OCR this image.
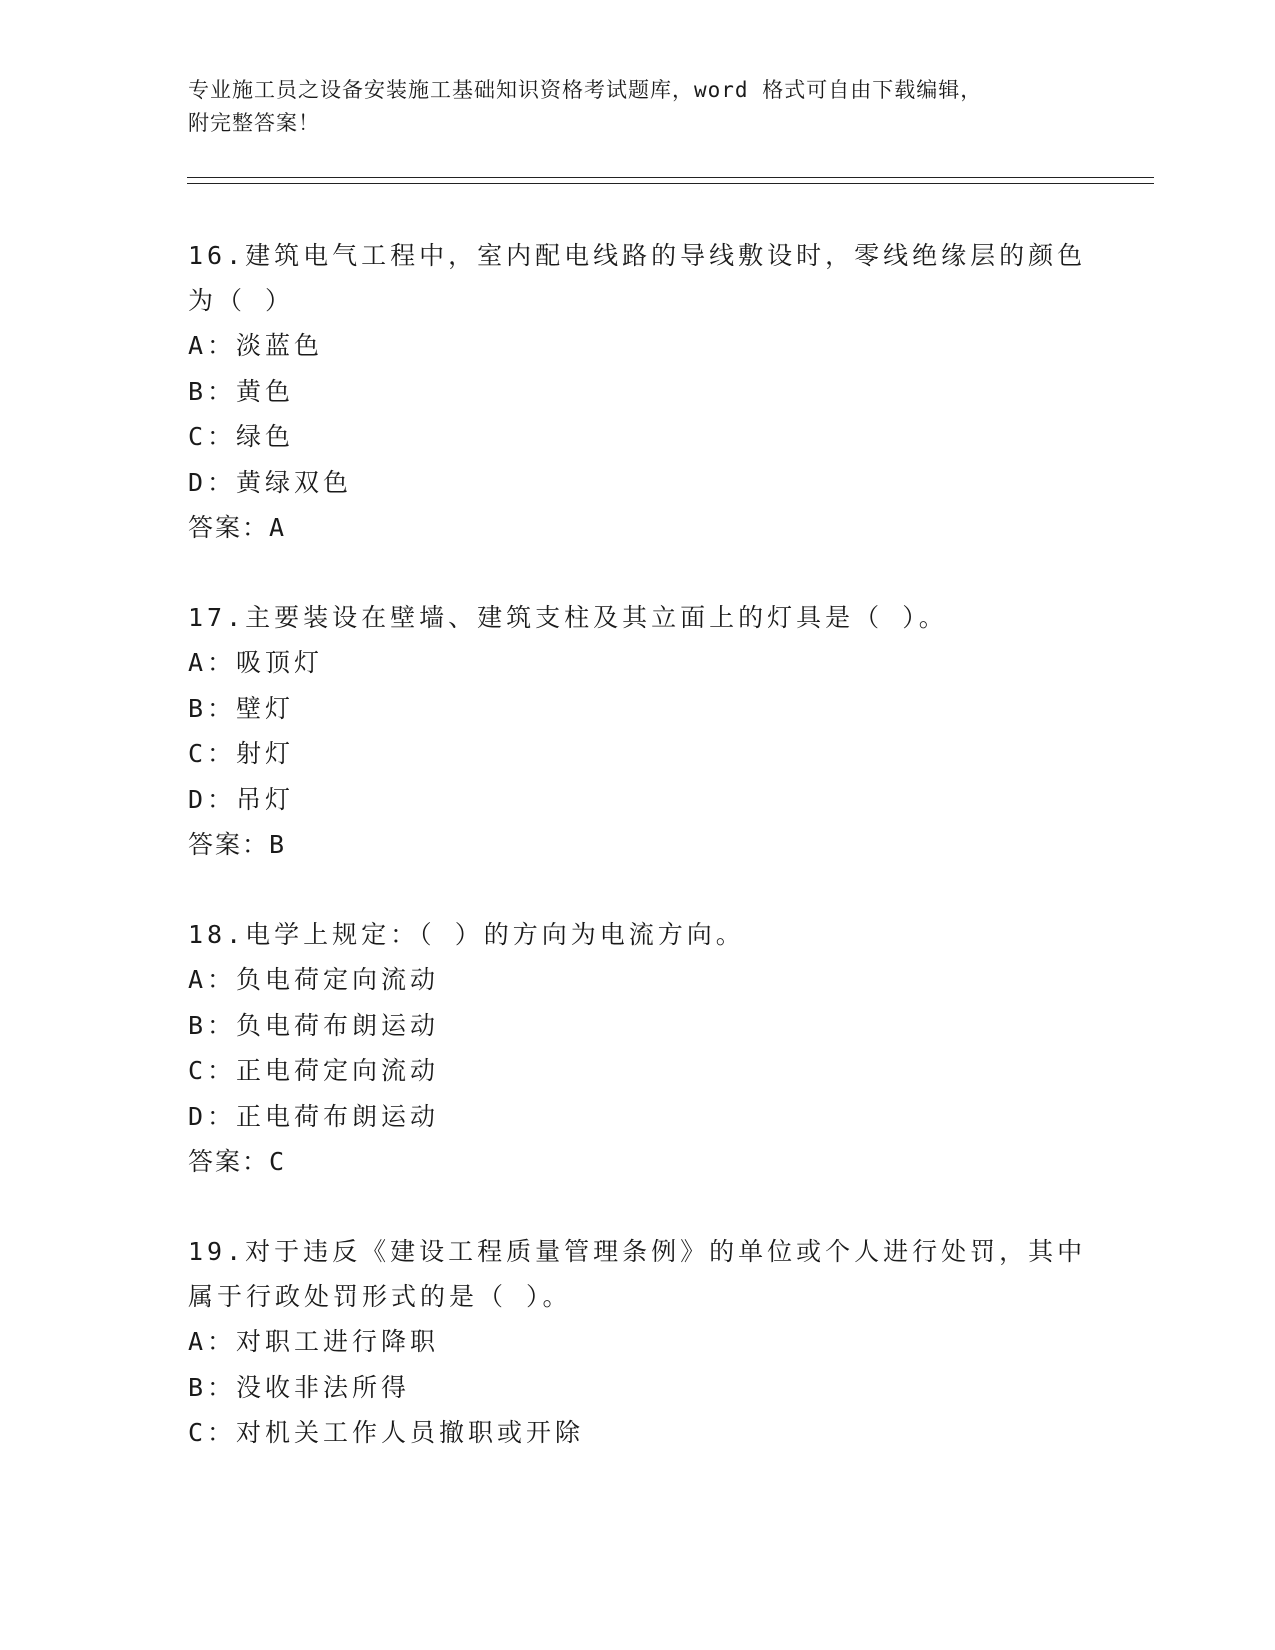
专业施工员之设备安装施工基础知识资格考试题库，word 格式可自由下载编辑，
附完整答案！
16.建筑电气工程中，室内配电线路的导线敷设时，零线绝缘层的颜色
为（ ）
A：淡蓝色
B：黄色
C：绿色
D：黄绿双色
答案：A
17.主要装设在壁墙、建筑支柱及其立面上的灯具是（ ）。
A：吸顶灯
B：壁灯
C：射灯
D：吊灯
答案：B
18.电学上规定：（ ）的方向为电流方向。
A：负电荷定向流动
B：负电荷布朗运动
C：正电荷定向流动
D：正电荷布朗运动
答案：C
19.对于违反《建设工程质量管理条例》的单位或个人进行处罚，其中
属于行政处罚形式的是（ ）。
A：对职工进行降职
B：没收非法所得
C：对机关工作人员撤职或开除
